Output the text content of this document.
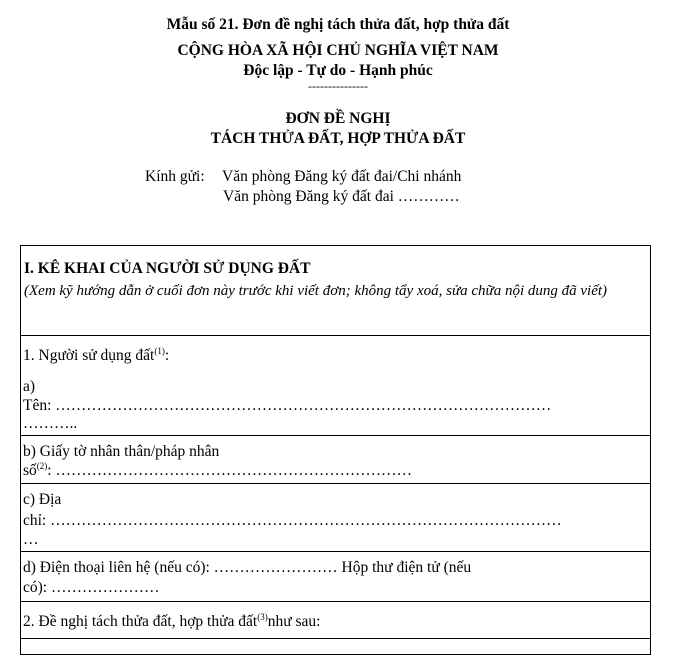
Mẫu số 21. Đơn đề nghị tách thửa đất, hợp thửa đất
CỘNG HÒA XÃ HỘI CHỦ NGHĨA VIỆT NAM
Độc lập - Tự do - Hạnh phúc
---------------
ĐƠN ĐỀ NGHỊ
TÁCH THỬA ĐẤT, HỢP THỬA ĐẤT
Kính gửi: Văn phòng Đăng ký đất đai/Chi nhánh
Văn phòng Đăng ký đất đai …………
I. KÊ KHAI CỦA NGƯỜI SỬ DỤNG ĐẤT
(Xem kỹ hướng dẫn ở cuối đơn này trước khi viết đơn; không tẩy xoá, sửa chữa nội dung đã viết)
1. Người sử dụng đất$^{(1)}$:
a)
Tên: ……………………………………………………………………………………
………..
b) Giấy tờ nhân thân/pháp nhân
số$^{(2)}$: ……………………………………………………………
c) Địa
chỉ: ………………………………………………………………………………………
…
d) Điện thoại liên hệ (nếu có): …………………… Hộp thư điện tử (nếu
có): …………………
2. Đề nghị tách thửa đất, hợp thửa đất$^{(3)}$như sau:
